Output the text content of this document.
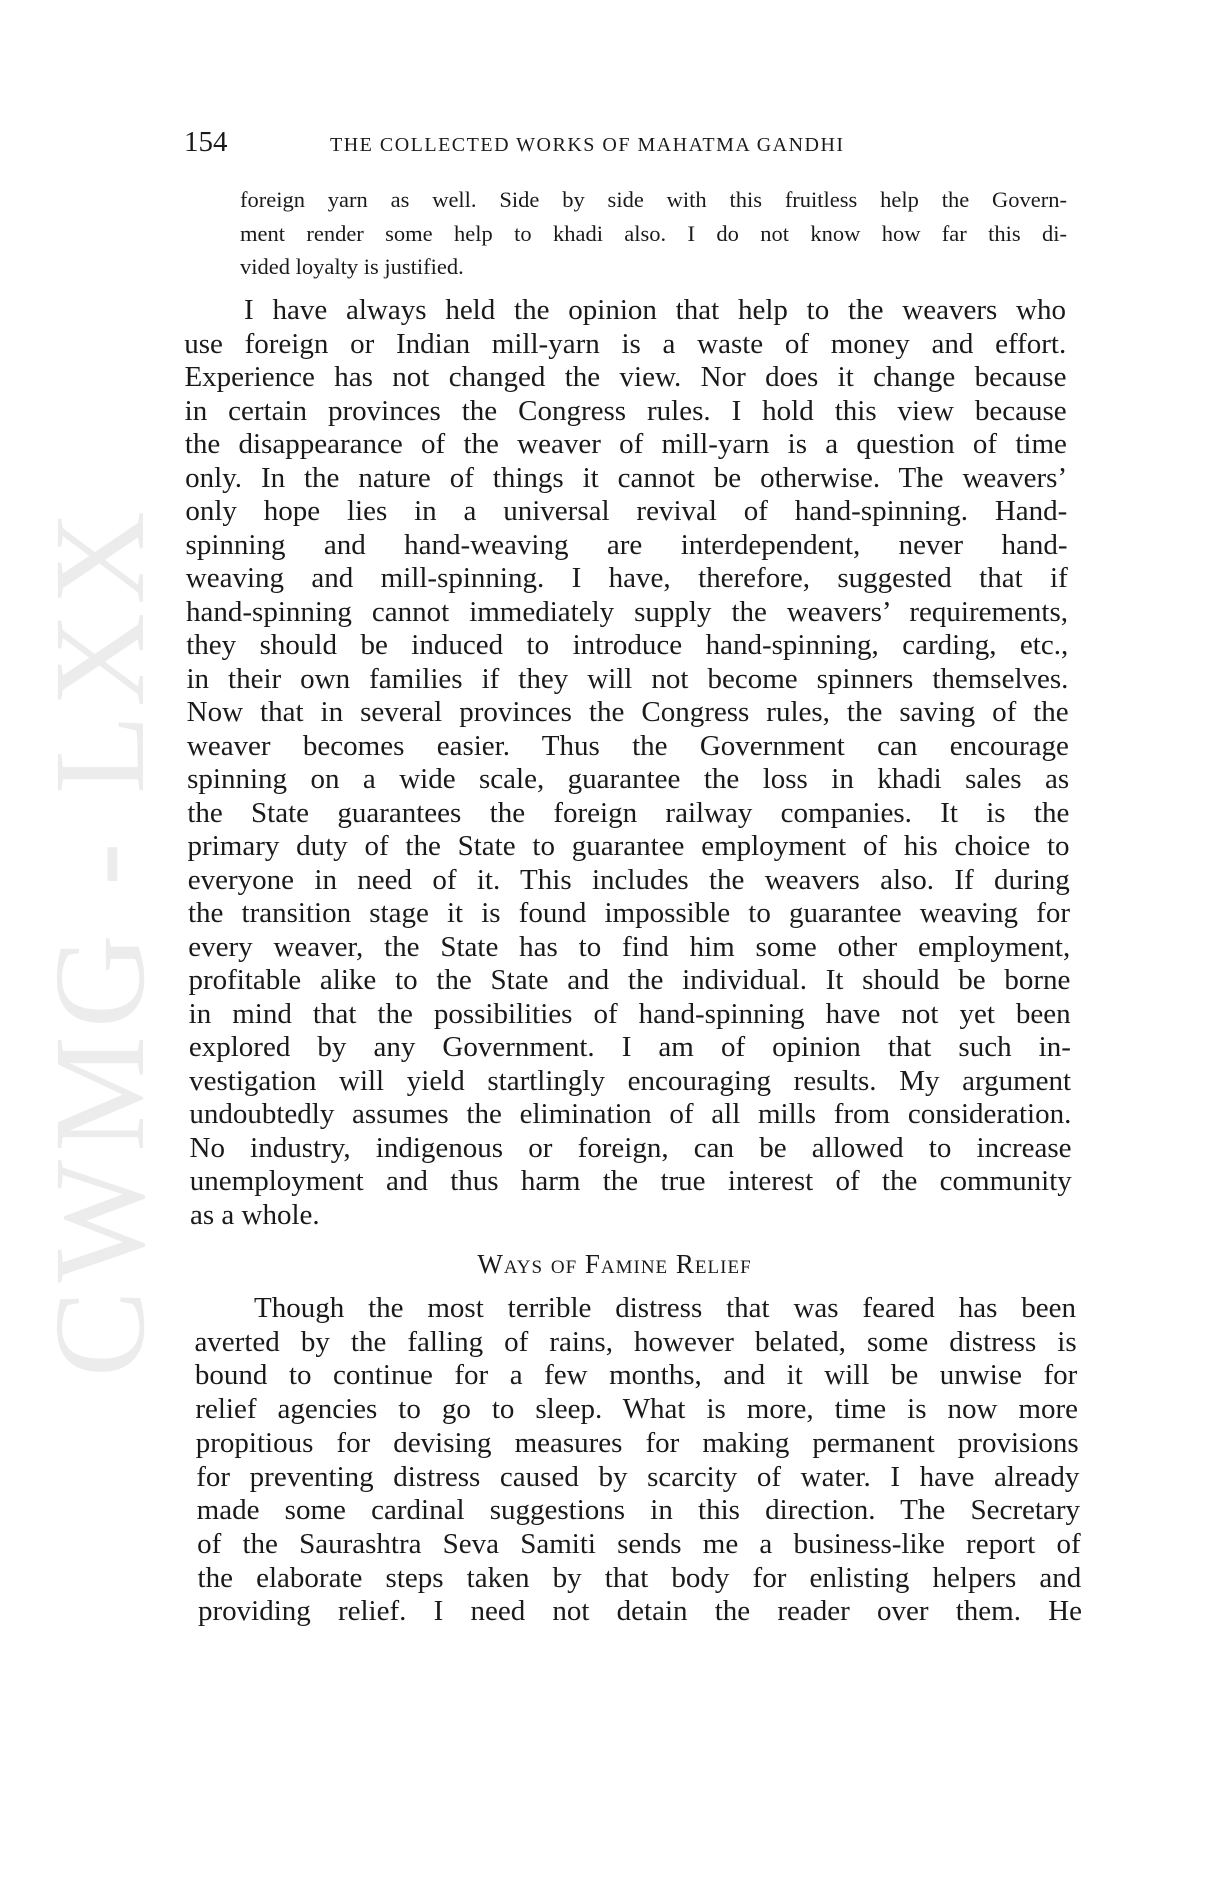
CWMG - LXX
154	THE COLLECTED WORKS OF MAHATMA GANDHI
foreign yarn as well. Side by side with this fruitless help the Govern-
ment render some help to khadi also. I do not know how far this di-
vided loyalty is justified.
I have always held the opinion that help to the weavers who
use foreign or Indian mill-yarn is a waste of money and effort.
Experience has not changed the view. Nor does it change because
in certain provinces the Congress rules. I hold this view because
the disappearance of the weaver of mill-yarn is a question of time
only. In the nature of things it cannot be otherwise. The weavers’
only hope lies in a universal revival of hand-spinning. Hand-
spinning and hand-weaving are interdependent, never hand-
weaving and mill-spinning. I have, therefore, suggested that if
hand-spinning cannot immediately supply the weavers’ requirements,
they should be induced to introduce hand-spinning, carding, etc.,
in their own families if they will not become spinners themselves.
Now that in several provinces the Congress rules, the saving of the
weaver becomes easier. Thus the Government can encourage
spinning on a wide scale, guarantee the loss in khadi sales as
the State guarantees the foreign railway companies. It is the
primary duty of the State to guarantee employment of his choice to
everyone in need of it. This includes the weavers also. If during
the transition stage it is found impossible to guarantee weaving for
every weaver, the State has to find him some other employment,
profitable alike to the State and the individual. It should be borne
in mind that the possibilities of hand-spinning have not yet been
explored by any Government. I am of opinion that such in-
vestigation will yield startlingly encouraging results. My argument
undoubtedly assumes the elimination of all mills from consideration.
No industry, indigenous or foreign, can be allowed to increase
unemployment and thus harm the true interest of the community
as a whole.
Ways of Famine Relief
Though the most terrible distress that was feared has been
averted by the falling of rains, however belated, some distress is
bound to continue for a few months, and it will be unwise for
relief agencies to go to sleep. What is more, time is now more
propitious for devising measures for making permanent provisions
for preventing distress caused by scarcity of water. I have already
made some cardinal suggestions in this direction. The Secretary
of the Saurashtra Seva Samiti sends me a business-like report of
the elaborate steps taken by that body for enlisting helpers and
providing relief. I need not detain the reader over them. He
